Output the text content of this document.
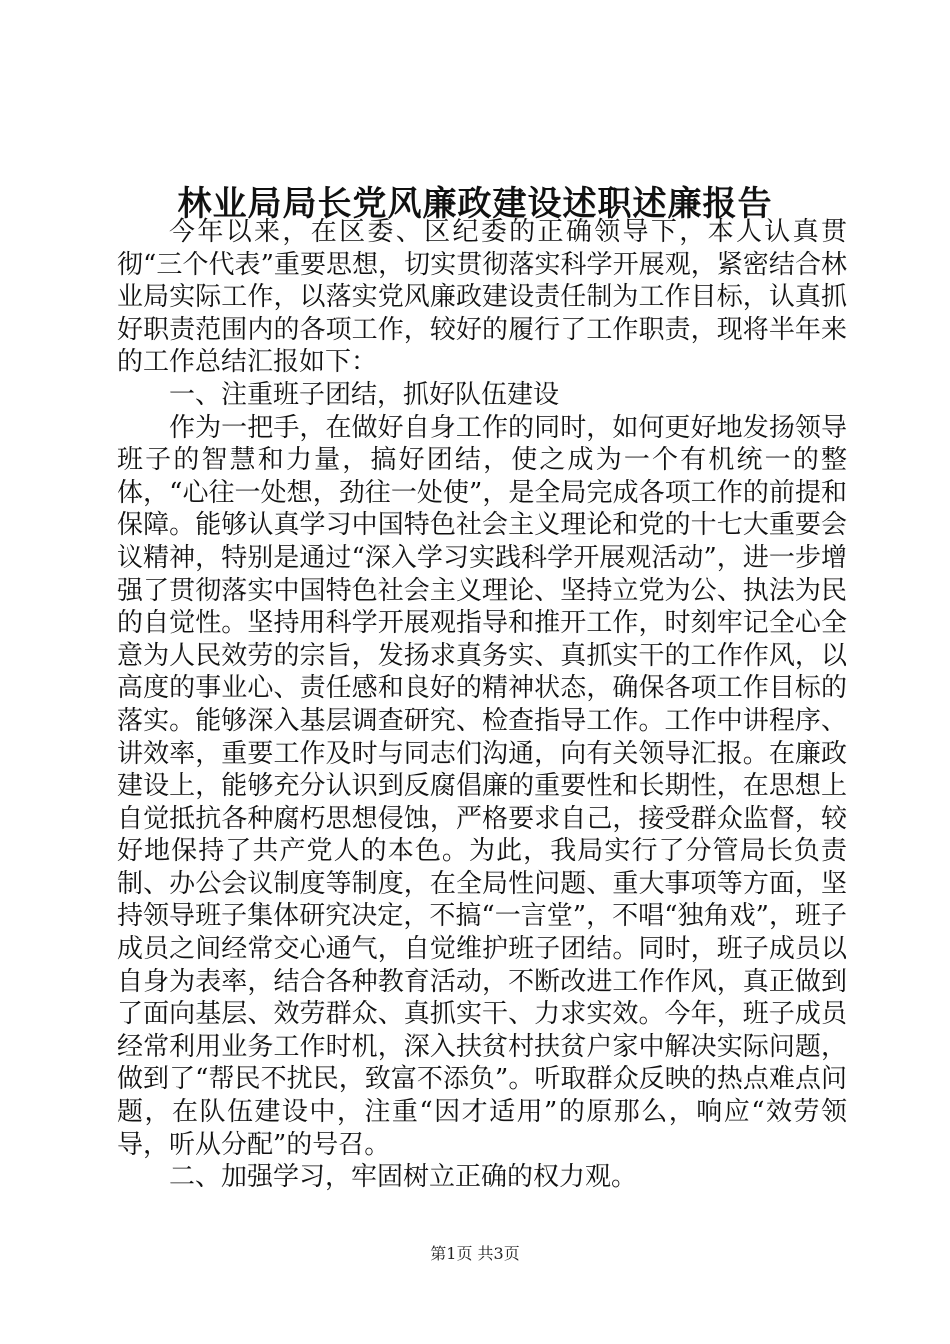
林业局局长党风廉政建设述职述廉报告

今年以来，在区委、区纪委的正确领导下，本人认真贯彻“三个代表”重要思想，切实贯彻落实科学开展观，紧密结合林业局实际工作，以落实党风廉政建设责任制为工作目标，认真抓好职责范围内的各项工作，较好的履行了工作职责，现将半年来的工作总结汇报如下：

一、注重班子团结，抓好队伍建设

作为一把手，在做好自身工作的同时，如何更好地发扬领导班子的智慧和力量，搞好团结，使之成为一个有机统一的整体，“心往一处想，劲往一处使”，是全局完成各项工作的前提和保障。能够认真学习中国特色社会主义理论和党的十七大重要会议精神，特别是通过“深入学习实践科学开展观活动”，进一步增强了贯彻落实中国特色社会主义理论、坚持立党为公、执法为民的自觉性。坚持用科学开展观指导和推开工作，时刻牢记全心全意为人民效劳的宗旨，发扬求真务实、真抓实干的工作作风，以高度的事业心、责任感和良好的精神状态，确保各项工作目标的落实。能够深入基层调查研究、检查指导工作。工作中讲程序、讲效率，重要工作及时与同志们沟通，向有关领导汇报。在廉政建设上，能够充分认识到反腐倡廉的重要性和长期性，在思想上自觉抵抗各种腐朽思想侵蚀，严格要求自己，接受群众监督，较好地保持了共产党人的本色。为此，我局实行了分管局长负责制、办公会议制度等制度，在全局性问题、重大事项等方面，坚持领导班子集体研究决定，不搞“一言堂”，不唱“独角戏”，班子成员之间经常交心通气，自觉维护班子团结。同时，班子成员以自身为表率，结合各种教育活动，不断改进工作作风，真正做到了面向基层、效劳群众、真抓实干、力求实效。今年，班子成员经常利用业务工作时机，深入扶贫村扶贫户家中解决实际问题，做到了“帮民不扰民，致富不添负”。听取群众反映的热点难点问题，在队伍建设中，注重“因才适用”的原那么，响应“效劳领导，听从分配”的号召。

二、加强学习，牢固树立正确的权力观。

第1页 共3页
